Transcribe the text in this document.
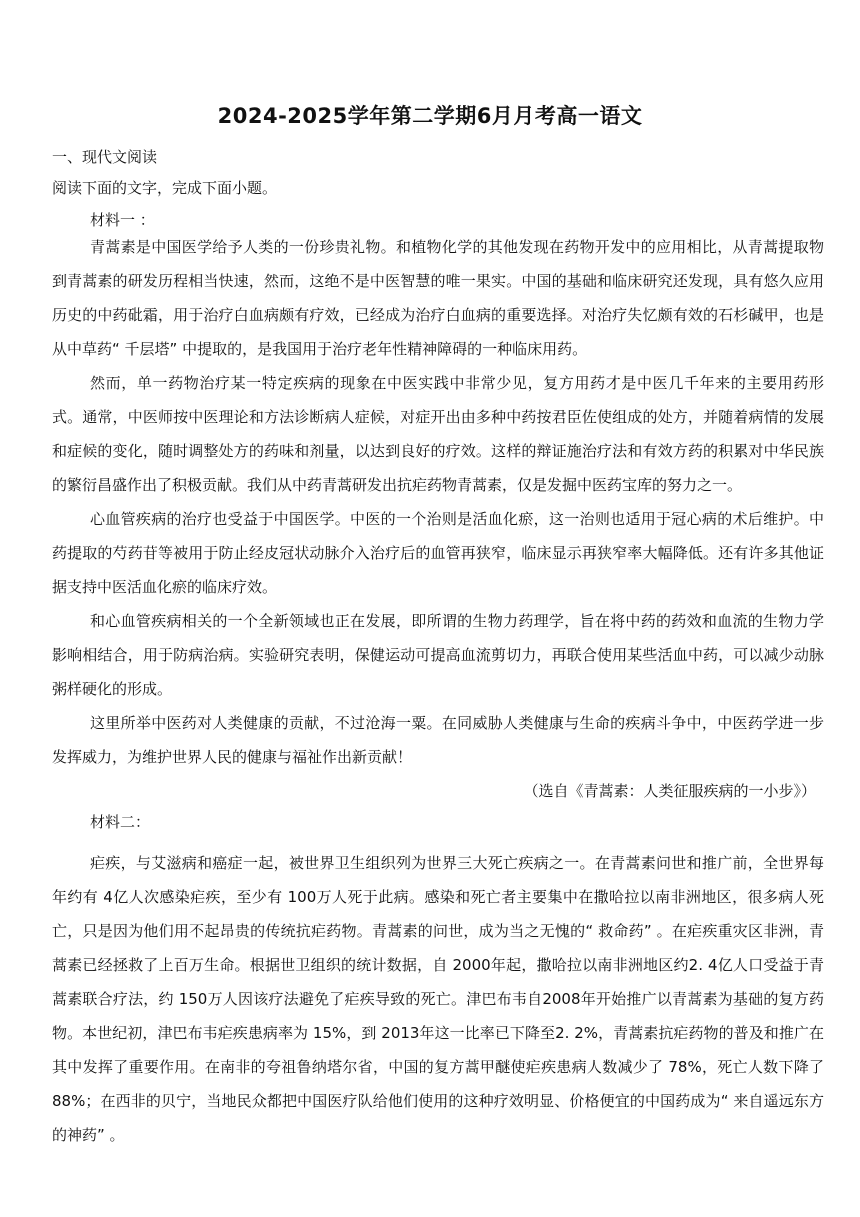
2024-2025学年第二学期6月月考高一语文

一、现代文阅读

阅读下面的文字，完成下面小题。

材料一 ：

青蒿素是中国医学给予人类的一份珍贵礼物。和植物化学的其他发现在药物开发中的应用相比，从青蒿提取物到青蒿素的研发历程相当快速，然而，这绝不是中医智慧的唯一果实。中国的基础和临床研究还发现，具有悠久应用历史的中药砒霜，用于治疗白血病颇有疗效，已经成为治疗白血病的重要选择。对治疗失忆颇有效的石杉碱甲，也是从中草药“ 千层塔” 中提取的，是我国用于治疗老年性精神障碍的一种临床用药。

然而，单一药物治疗某一特定疾病的现象在中医实践中非常少见，复方用药才是中医几千年来的主要用药形式。通常，中医师按中医理论和方法诊断病人症候，对症开出由多种中药按君臣佐使组成的处方，并随着病情的发展和症候的变化，随时调整处方的药味和剂量，以达到良好的疗效。这样的辩证施治疗法和有效方药的积累对中华民族的繁衍昌盛作出了积极贡献。我们从中药青蒿研发出抗疟药物青蒿素，仅是发掘中医药宝库的努力之一。

心血管疾病的治疗也受益于中国医学。中医的一个治则是活血化瘀，这一治则也适用于冠心病的术后维护。中药提取的芍药苷等被用于防止经皮冠状动脉介入治疗后的血管再狭窄，临床显示再狭窄率大幅降低。还有许多其他证据支持中医活血化瘀的临床疗效。

和心血管疾病相关的一个全新领域也正在发展，即所谓的生物力药理学，旨在将中药的药效和血流的生物力学影响相结合，用于防病治病。实验研究表明，保健运动可提高血流剪切力，再联合使用某些活血中药，可以减少动脉粥样硬化的形成。

这里所举中医药对人类健康的贡献，不过沧海一粟。在同威胁人类健康与生命的疾病斗争中，中医药学进一步发挥威力，为维护世界人民的健康与福祉作出新贡献！

（选自《青蒿素：人类征服疾病的一小步》）

材料二：

疟疾，与艾滋病和癌症一起，被世界卫生组织列为世界三大死亡疾病之一。在青蒿素问世和推广前，全世界每年约有 4亿人次感染疟疾，至少有 100万人死于此病。感染和死亡者主要集中在撒哈拉以南非洲地区，很多病人死亡，只是因为他们用不起昂贵的传统抗疟药物。青蒿素的问世，成为当之无愧的“ 救命药” 。在疟疾重灾区非洲，青蒿素已经拯救了上百万生命。根据世卫组织的统计数据，自 2000年起，撒哈拉以南非洲地区约2. 4亿人口受益于青蒿素联合疗法，约 150万人因该疗法避免了疟疾导致的死亡。津巴布韦自2008年开始推广以青蒿素为基础的复方药物。本世纪初，津巴布韦疟疾患病率为 15%，到 2013年这一比率已下降至2. 2%，青蒿素抗疟药物的普及和推广在其中发挥了重要作用。在南非的夸祖鲁纳塔尔省，中国的复方蒿甲醚使疟疾患病人数减少了 78%，死亡人数下降了 88%；在西非的贝宁，当地民众都把中国医疗队给他们使用的这种疗效明显、价格便宜的中国药成为“ 来自遥远东方的神药” 。
